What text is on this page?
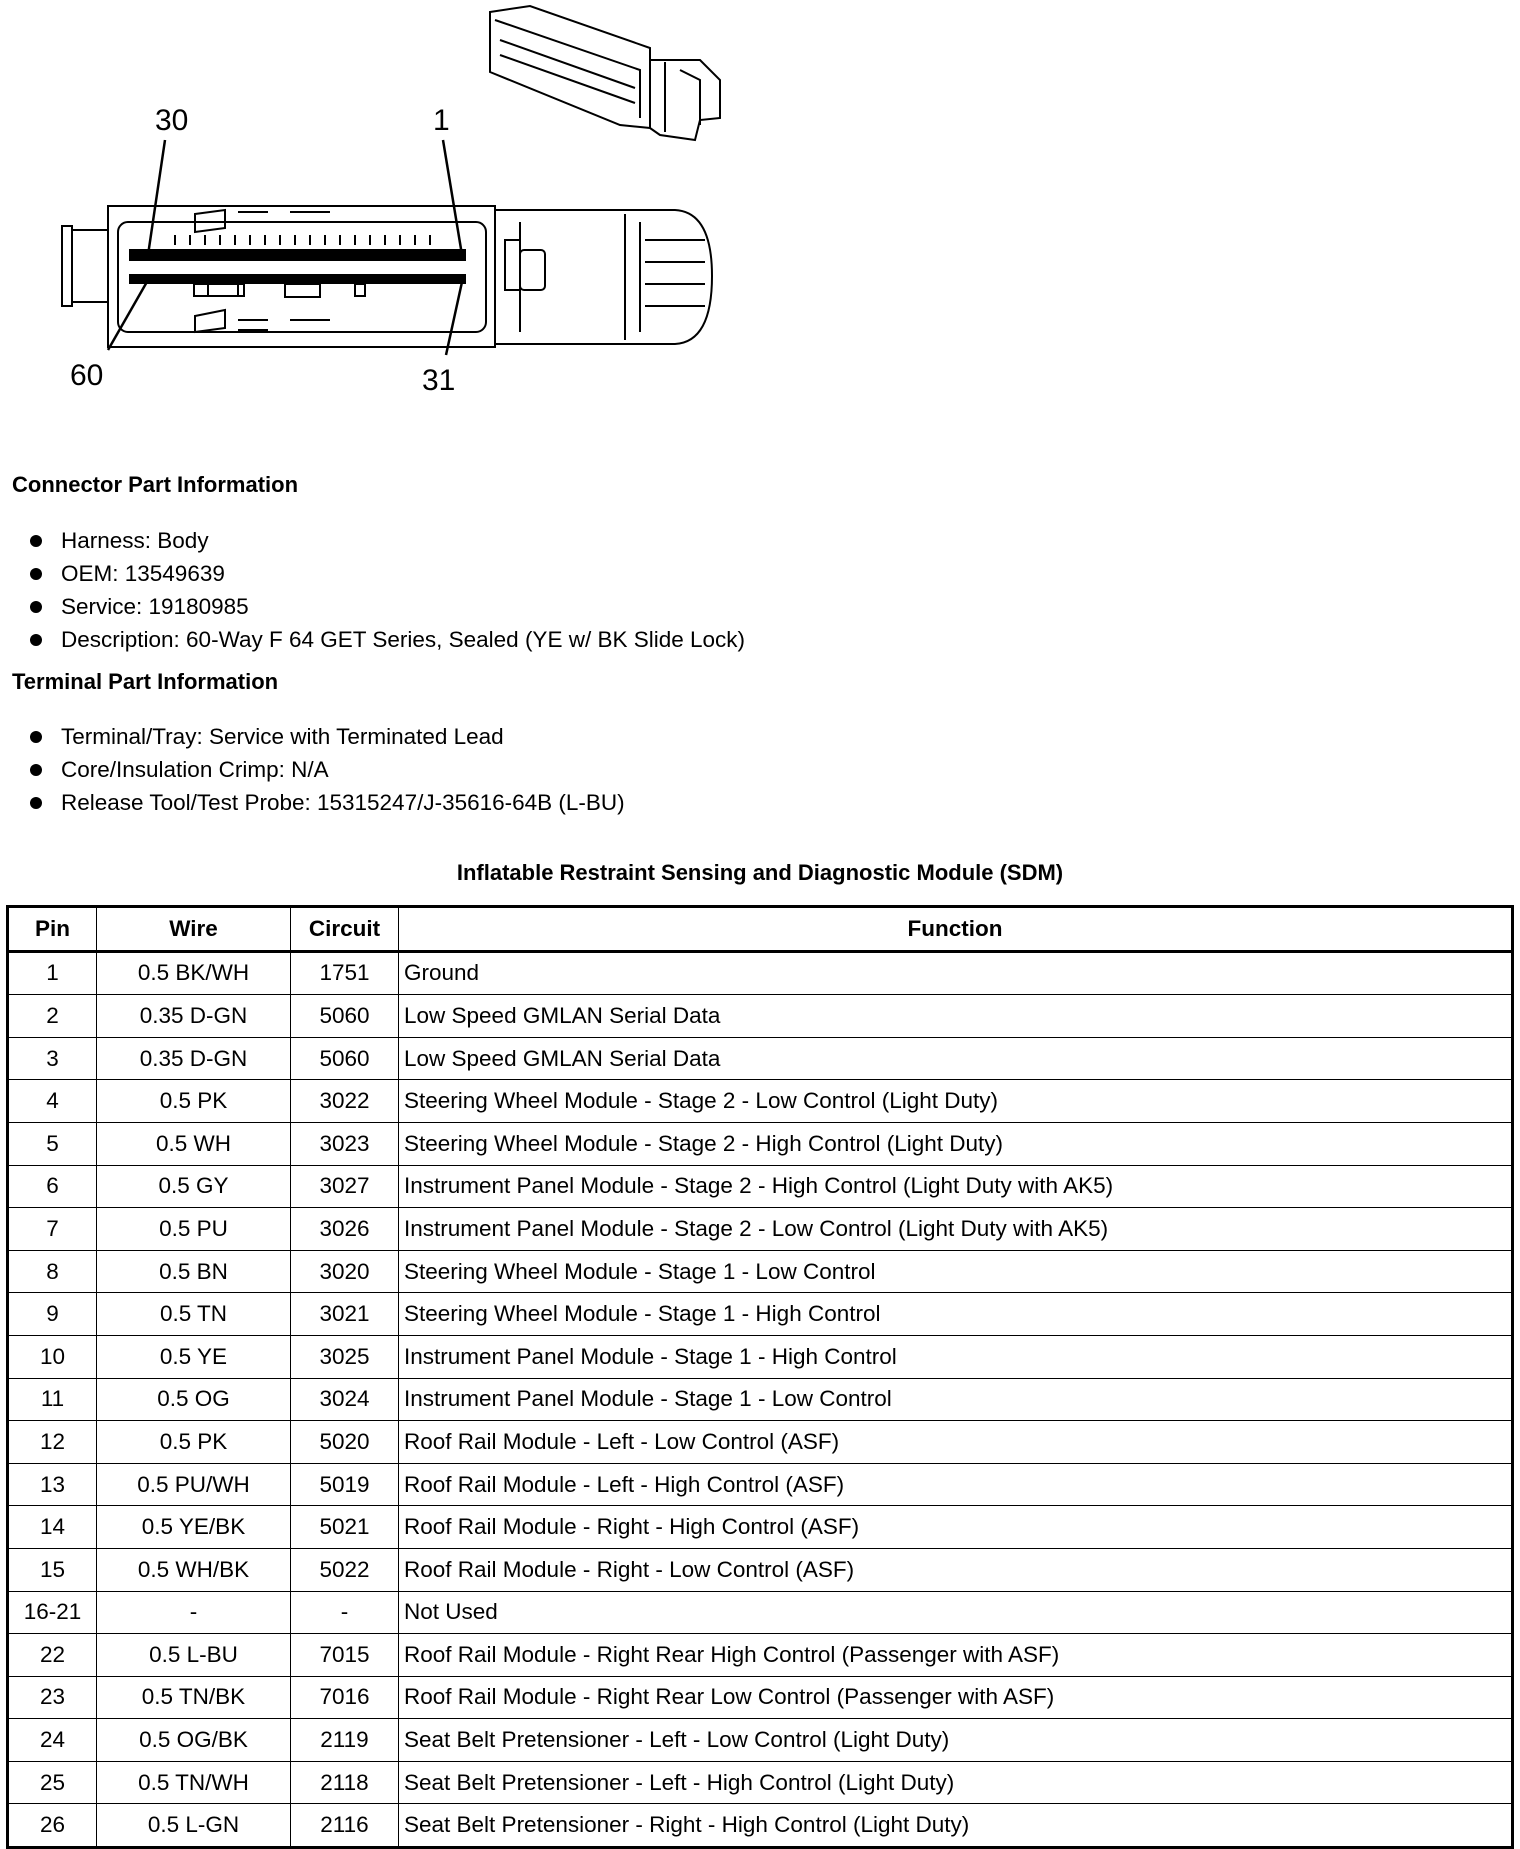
30	1
60	31
Connector Part Information
Harness: Body
OEM: 13549639
Service: 19180985
Description: 60-Way F 64 GET Series, Sealed (YE w/ BK Slide Lock)
Terminal Part Information
Terminal/Tray: Service with Terminated Lead
Core/Insulation Crimp: N/A
Release Tool/Test Probe: 15315247/J-35616-64B (L-BU)
Inflatable Restraint Sensing and Diagnostic Module (SDM)
Pin	Wire	Circuit	Function
1	0.5 BK/WH	1751	Ground
2	0.35 D-GN	5060	Low Speed GMLAN Serial Data
3	0.35 D-GN	5060	Low Speed GMLAN Serial Data
4	0.5 PK	3022	Steering Wheel Module - Stage 2 - Low Control (Light Duty)
5	0.5 WH	3023	Steering Wheel Module - Stage 2 - High Control (Light Duty)
6	0.5 GY	3027	Instrument Panel Module - Stage 2 - High Control (Light Duty with AK5)
7	0.5 PU	3026	Instrument Panel Module - Stage 2 - Low Control (Light Duty with AK5)
8	0.5 BN	3020	Steering Wheel Module - Stage 1 - Low Control
9	0.5 TN	3021	Steering Wheel Module - Stage 1 - High Control
10	0.5 YE	3025	Instrument Panel Module - Stage 1 - High Control
11	0.5 OG	3024	Instrument Panel Module - Stage 1 - Low Control
12	0.5 PK	5020	Roof Rail Module - Left - Low Control (ASF)
13	0.5 PU/WH	5019	Roof Rail Module - Left - High Control (ASF)
14	0.5 YE/BK	5021	Roof Rail Module - Right - High Control (ASF)
15	0.5 WH/BK	5022	Roof Rail Module - Right - Low Control (ASF)
16-21	-	-	Not Used
22	0.5 L-BU	7015	Roof Rail Module - Right Rear High Control (Passenger with ASF)
23	0.5 TN/BK	7016	Roof Rail Module - Right Rear Low Control (Passenger with ASF)
24	0.5 OG/BK	2119	Seat Belt Pretensioner - Left - Low Control (Light Duty)
25	0.5 TN/WH	2118	Seat Belt Pretensioner - Left - High Control (Light Duty)
26	0.5 L-GN	2116	Seat Belt Pretensioner - Right - High Control (Light Duty)
